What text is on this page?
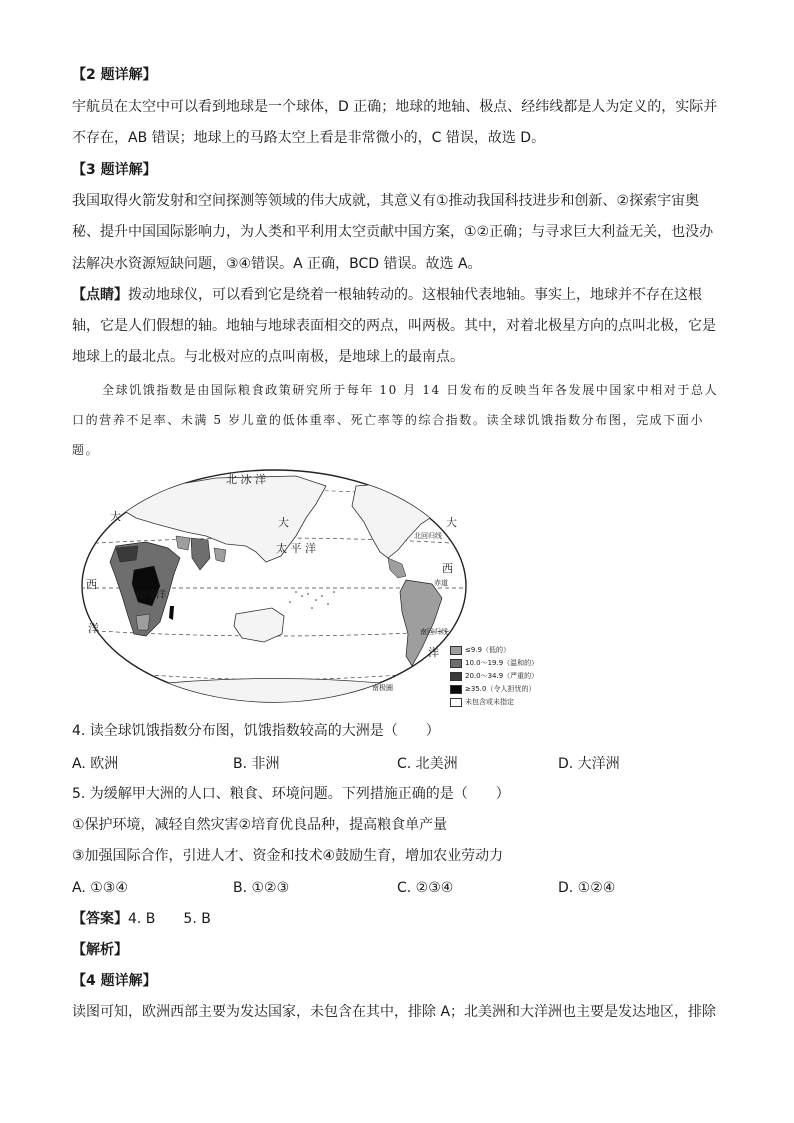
【2 题详解】
宇航员在太空中可以看到地球是一个球体，D 正确；地球的地轴、极点、经纬线都是人为定义的，实际并
不存在，AB 错误；地球上的马路太空上看是非常微小的，C 错误，故选 D。
【3 题详解】
我国取得火箭发射和空间探测等领域的伟大成就，其意义有①推动我国科技进步和创新、②探索宇宙奥
秘、提升中国国际影响力，为人类和平利用太空贡献中国方案，①②正确；与寻求巨大利益无关，也没办
法解决水资源短缺问题，③④错误。A 正确，BCD 错误。故选 A。
【点睛】拨动地球仪，可以看到它是绕着一根轴转动的。这根轴代表地轴。事实上，地球并不存在这根
轴，它是人们假想的轴。地轴与地球表面相交的两点，叫两极。其中，对着北极星方向的点叫北极，它是
地球上的最北点。与北极对应的点叫南极，是地球上的最南点。
全球饥饿指数是由国际粮食政策研究所于每年 10 月 14 日发布的反映当年各发展中国家中相对于总人
口的营养不足率、未满 5 岁儿童的低体重率、死亡率等的综合指数。读全球饥饿指数分布图，完成下面小
题。
北 冰 洋
太 平 洋
大
印度洋
大
西
洋
大
西
洋
北回归线
赤道
南回归线
南极圈
≤9.9（低的）
10.0～19.9（温和的）
20.0～34.9（严重的）
≥35.0（令人担忧的）
未包含或未指定
4. 读全球饥饿指数分布图，饥饿指数较高的大洲是（　　）
A. 欧洲	B. 非洲	C. 北美洲	D. 大洋洲
5. 为缓解甲大洲的人口、粮食、环境问题。下列措施正确的是（　　）
①保护环境，减轻自然灾害②培育优良品种，提高粮食单产量
③加强国际合作，引进人才、资金和技术④鼓励生育，增加农业劳动力
A. ①③④	B. ①②③	C. ②③④	D. ①②④
【答案】4. B　　5. B
【解析】
【4 题详解】
读图可知，欧洲西部主要为发达国家，未包含在其中，排除 A；北美洲和大洋洲也主要是发达地区，排除
